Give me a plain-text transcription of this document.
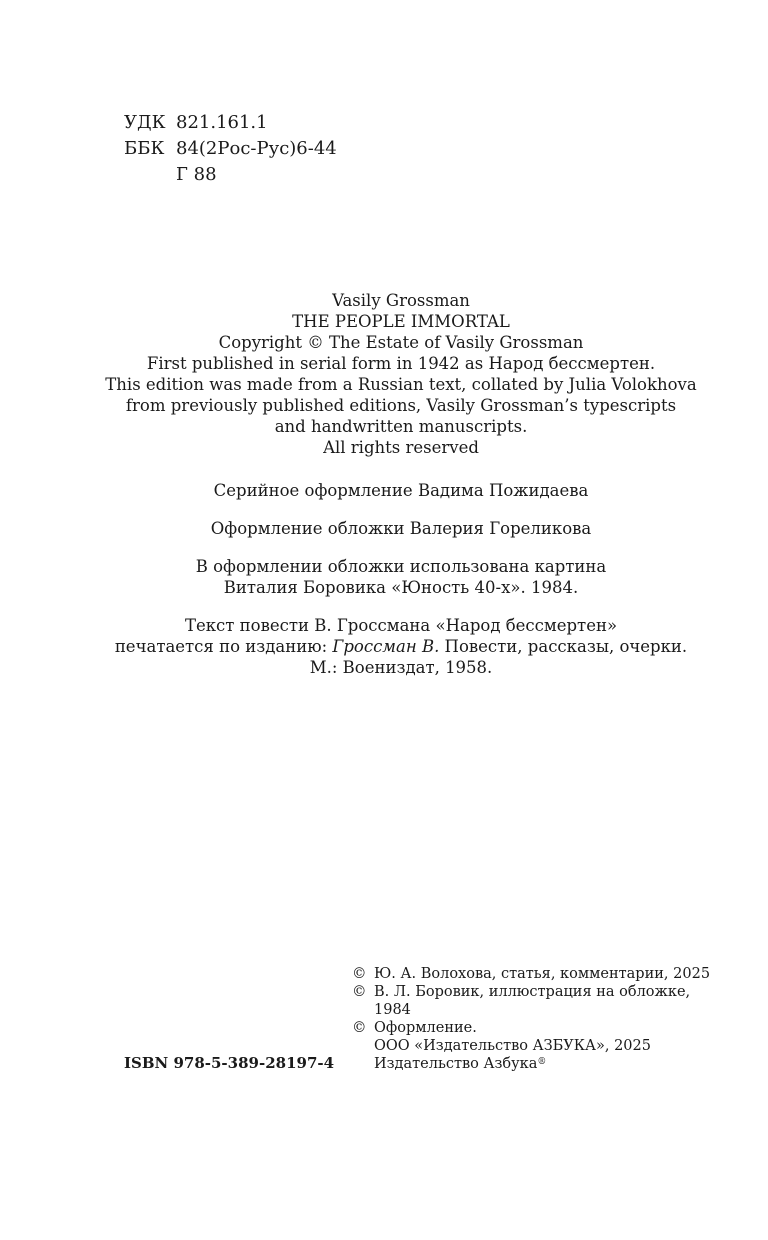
УДК 821.161.1
ББК 84(2Рос-Рус)6-44
Г 88
Vasily Grossman
THE PEOPLE IMMORTAL
Copyright © The Estate of Vasily Grossman
First published in serial form in 1942 as Народ бессмертен.
This edition was made from a Russian text, collated by Julia Volokhova
from previously published editions, Vasily Grossman’s typescripts
and handwritten manuscripts.
All rights reserved
Серийное оформление Вадима Пожидаева
Оформление обложки Валерия Гореликова
В оформлении обложки использована картина
Виталия Боровика «Юность 40-х». 1984.
Текст повести В. Гроссмана «Народ бессмертен»
печатается по изданию: Гроссман В. Повести, рассказы, очерки.
М.: Воениздат, 1958.
© Ю. А. Волохова, статья, комментарии, 2025
© В. Л. Боровик, иллюстрация на обложке,
1984
© Оформление.
ООО «Издательство АЗБУКА», 2025
Издательство Азбука®
ISBN 978-5-389-28197-4
